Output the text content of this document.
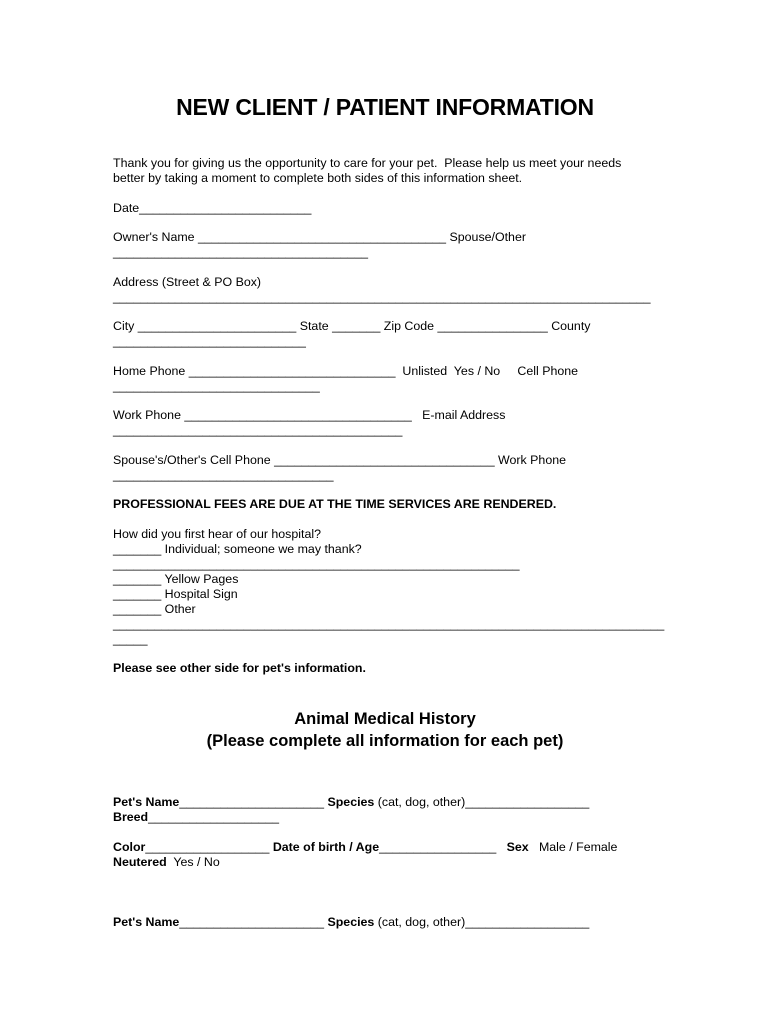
NEW CLIENT / PATIENT INFORMATION

Thank you for giving us the opportunity to care for your pet.  Please help us meet your needs

better by taking a moment to complete both sides of this information sheet.

Date_________________________

Owner's Name ____________________________________ Spouse/Other

_____________________________________

Address (Street & PO Box)

______________________________________________________________________________

City _______________________ State _______ Zip Code ________________ County

____________________________

Home Phone ______________________________  Unlisted  Yes / No     Cell Phone

______________________________

Work Phone _________________________________   E-mail Address

__________________________________________

Spouse's/Other's Cell Phone ________________________________ Work Phone

________________________________

PROFESSIONAL FEES ARE DUE AT THE TIME SERVICES ARE RENDERED.

How did you first hear of our hospital?

_______ Individual; someone we may thank?

___________________________________________________________

_______ Yellow Pages

_______ Hospital Sign

_______ Other

________________________________________________________________________________

_____

Please see other side for pet's information.

Animal Medical History
(Please complete all information for each pet)

Pet's Name_____________________ Species (cat, dog, other)__________________

Breed___________________

Color__________________ Date of birth / Age_________________   Sex   Male / Female

Neutered  Yes / No

Pet's Name_____________________ Species (cat, dog, other)__________________
